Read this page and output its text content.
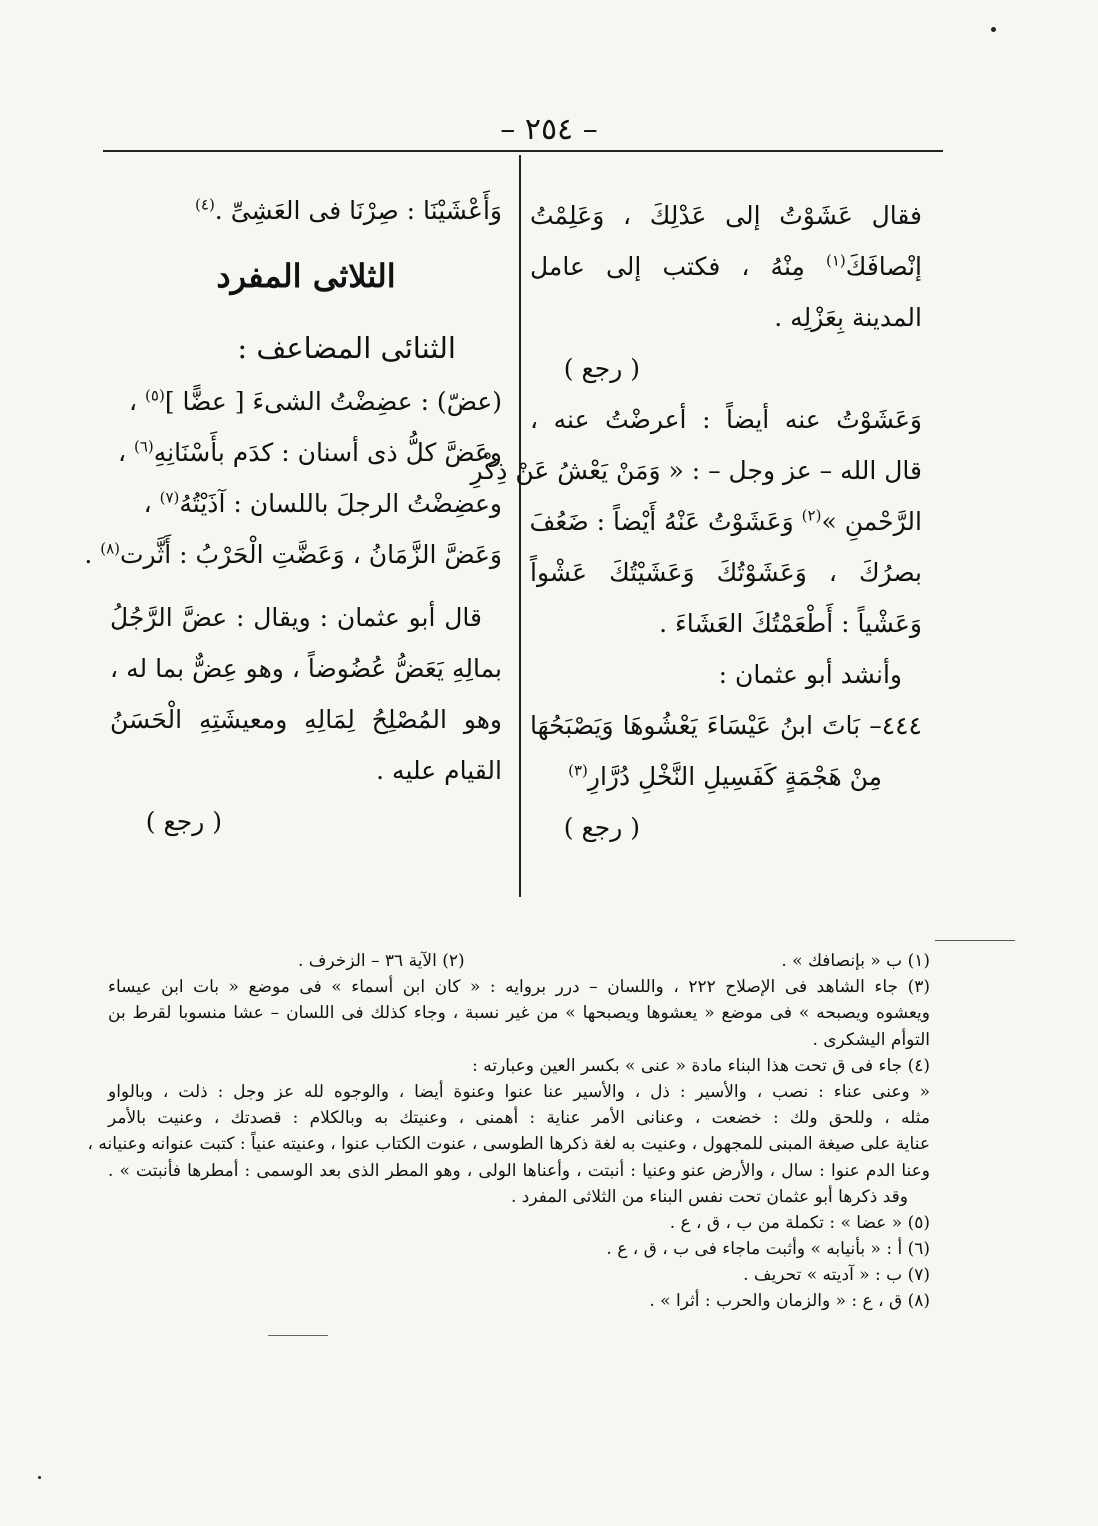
– ٢٥٤ –
فقال عَشَوْتُ إلى عَدْلِكَ ، وَعَلِمْتُ
إنْصافَكَ$^{(١)}$ مِنْهُ ، فكتب إلى عامل
المدينة بِعَزْلِه .
( رجع )
وَعَشَوْتُ عنه أيضاً : أعرضْتُ عنه ،
قال الله – عز وجل – : « وَمَنْ يَعْشُ عَنْ ذِكْرِ
الرَّحْمنِ »$^{(٢)}$ وَعَشَوْتُ عَنْهُ أَيْضاً : ضَعُفَ
بصرُكَ ، وَعَشَوْتُكَ وَعَشَيْتُكَ عَشْواً
وَعَشْياً : أَطْعَمْتُكَ العَشَاءَ .
وأنشد أبو عثمان :
٤٤٤– بَاتَ ابنُ عَيْسَاءَ يَعْشُوهَا وَيَصْبَحُهَا
مِنْ هَجْمَةٍ كَفَسِيلِ النَّخْلِ دُرَّارِ$^{(٣)}$
( رجع )
وَأَعْشَيْنَا : صِرْنَا فى العَشِىِّ .$^{(٤)}$
الثلاثى المفرد
الثنائى المضاعف :
(عضّ) : عضِضْتُ الشىءَ [ عضًّا ]$^{(٥)}$ ،
وعَضَّ كلُّ ذى أسنان : كدَم بأَسْنَانِهِ$^{(٦)}$ ،
وعضِضْتُ الرجلَ باللسان : آذَيْتُهُ$^{(٧)}$ ،
وَعَضَّ الزَّمَانُ ، وَعَضَّتِ الْحَرْبُ : أَثَّرت$^{(٨)}$ .
قال أبو عثمان : ويقال : عضَّ الرَّجُلُ
بمالِهِ يَعَضُّ عُضُوضاً ، وهو عِضٌّ بما له ،
وهو المُصْلِحُ لِمَالِهِ ومعيشَتِهِ الْحَسَنُ
القيام عليه .
( رجع )
(١) ب « بإنصافك » .
(٢) الآية ٣٦ – الزخرف .
(٣) جاء الشاهد فى الإصلاح ٢٢٢ ، واللسان – درر بروايه : « كان ابن أسماء » فى موضع « بات ابن عيساء
ويعشوه ويصبحه » فى موضع « يعشوها ويصبحها » من غير نسبة ، وجاء كذلك فى اللسان – عشا منسوبا لقرط بن
التوأم اليشكرى .
(٤) جاء فى ق تحت هذا البناء مادة « عنى » بكسر العين وعبارته :
« وعنى عناء : نصب ، والأسير : ذل ، والأسير عنا عنوا وعنوة أيضا ، والوجوه لله عز وجل : ذلت ، وبالواو
مثله ، وللحق ولك : خضعت ، وعنانى الأمر عناية : أهمنى ، وعنيتك به وبالكلام : قصدتك ، وعنيت بالأمر
عناية على صيغة المبنى للمجهول ، وعنيت به لغة ذكرها الطوسى ، عنوت الكتاب عنوا ، وعنيته عنياً : كتبت عنوانه وعنيانه ،
وعنا الدم عنوا : سال ، والأرض عنو وعنيا : أنبتت ، وأعناها الولى ، وهو المطر الذى بعد الوسمى : أمطرها فأنبتت » .
وقد ذكرها أبو عثمان تحت نفس البناء من الثلاثى المفرد .
(٥) « عضا » : تكملة من ب ، ق ، ع .
(٦) أ : « بأنيابه » وأثبت ماجاء فى ب ، ق ، ع .
(٧) ب : « آديته » تحريف .
(٨) ق ، ع : « والزمان والحرب : أثرا » .
